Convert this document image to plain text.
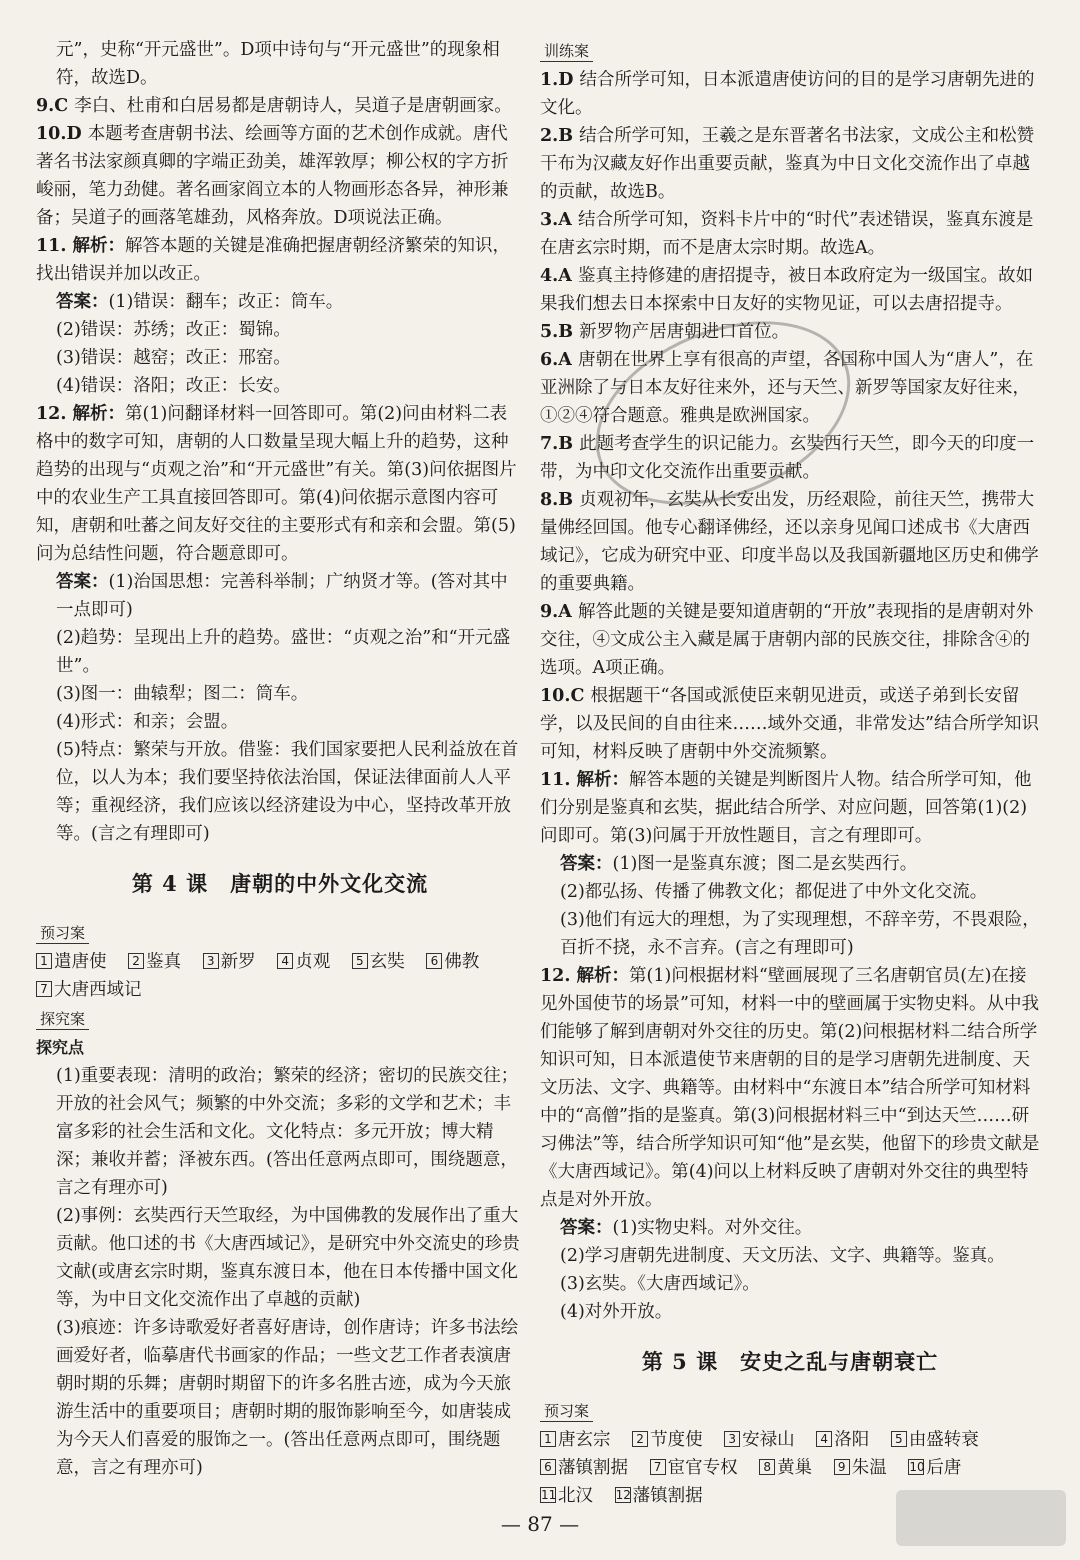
元”，史称“开元盛世”。D项中诗句与“开元盛世”的现象相符，故选D。

9.C 李白、杜甫和白居易都是唐朝诗人，吴道子是唐朝画家。

10.D 本题考查唐朝书法、绘画等方面的艺术创作成就。唐代著名书法家颜真卿的字端正劲美，雄浑敦厚；柳公权的字方折峻丽，笔力劲健。著名画家阎立本的人物画形态各异，神形兼备；吴道子的画落笔雄劲，风格奔放。D项说法正确。

11. 解析：解答本题的关键是准确把握唐朝经济繁荣的知识，找出错误并加以改正。

答案：(1)错误：翻车；改正：筒车。

(2)错误：苏绣；改正：蜀锦。

(3)错误：越窑；改正：邢窑。

(4)错误：洛阳；改正：长安。

12. 解析：第(1)问翻译材料一回答即可。第(2)问由材料二表格中的数字可知，唐朝的人口数量呈现大幅上升的趋势，这种趋势的出现与“贞观之治”和“开元盛世”有关。第(3)问依据图片中的农业生产工具直接回答即可。第(4)问依据示意图内容可知，唐朝和吐蕃之间友好交往的主要形式有和亲和会盟。第(5)问为总结性问题，符合题意即可。

答案：(1)治国思想：完善科举制；广纳贤才等。(答对其中一点即可)

(2)趋势：呈现出上升的趋势。盛世：“贞观之治”和“开元盛世”。

(3)图一：曲辕犁；图二：筒车。

(4)形式：和亲；会盟。

(5)特点：繁荣与开放。借鉴：我们国家要把人民利益放在首位，以人为本；我们要坚持依法治国，保证法律面前人人平等；重视经济，我们应该以经济建设为中心，坚持改革开放等。(言之有理即可)

第 4 课　唐朝的中外文化交流
预习案
1 遣唐使 2 鉴真 3 新罗 4 贞观 5 玄奘 6 佛教 7 大唐西域记
探究案
探究点

(1)重要表现：清明的政治；繁荣的经济；密切的民族交往；开放的社会风气；频繁的中外交流；多彩的文学和艺术；丰富多彩的社会生活和文化。文化特点：多元开放；博大精深；兼收并蓄；泽被东西。(答出任意两点即可，围绕题意，言之有理亦可)

(2)事例：玄奘西行天竺取经，为中国佛教的发展作出了重大贡献。他口述的书《大唐西域记》，是研究中外交流史的珍贵文献(或唐玄宗时期，鉴真东渡日本，他在日本传播中国文化等，为中日文化交流作出了卓越的贡献)

(3)痕迹：许多诗歌爱好者喜好唐诗，创作唐诗；许多书法绘画爱好者，临摹唐代书画家的作品；一些文艺工作者表演唐朝时期的乐舞；唐朝时期留下的许多名胜古迹，成为今天旅游生活中的重要项目；唐朝时期的服饰影响至今，如唐装成为今天人们喜爱的服饰之一。(答出任意两点即可，围绕题意，言之有理亦可)

训练案

1.D 结合所学可知，日本派遣唐使访问的目的是学习唐朝先进的文化。

2.B 结合所学可知，王羲之是东晋著名书法家，文成公主和松赞干布为汉藏友好作出重要贡献，鉴真为中日文化交流作出了卓越的贡献，故选B。

3.A 结合所学可知，资料卡片中的“时代”表述错误，鉴真东渡是在唐玄宗时期，而不是唐太宗时期。故选A。

4.A 鉴真主持修建的唐招提寺，被日本政府定为一级国宝。故如果我们想去日本探索中日友好的实物见证，可以去唐招提寺。

5.B 新罗物产居唐朝进口首位。

6.A 唐朝在世界上享有很高的声望，各国称中国人为“唐人”，在亚洲除了与日本友好往来外，还与天竺、新罗等国家友好往来，①②④符合题意。雅典是欧洲国家。

7.B 此题考查学生的识记能力。玄奘西行天竺，即今天的印度一带，为中印文化交流作出重要贡献。

8.B 贞观初年，玄奘从长安出发，历经艰险，前往天竺，携带大量佛经回国。他专心翻译佛经，还以亲身见闻口述成书《大唐西域记》，它成为研究中亚、印度半岛以及我国新疆地区历史和佛学的重要典籍。

9.A 解答此题的关键是要知道唐朝的“开放”表现指的是唐朝对外交往，④文成公主入藏是属于唐朝内部的民族交往，排除含④的选项。A项正确。

10.C 根据题干“各国或派使臣来朝见进贡，或送子弟到长安留学，以及民间的自由往来……域外交通，非常发达”结合所学知识可知，材料反映了唐朝中外交流频繁。

11. 解析：解答本题的关键是判断图片人物。结合所学可知，他们分别是鉴真和玄奘，据此结合所学、对应问题，回答第(1)(2)问即可。第(3)问属于开放性题目，言之有理即可。

答案：(1)图一是鉴真东渡；图二是玄奘西行。

(2)都弘扬、传播了佛教文化；都促进了中外文化交流。

(3)他们有远大的理想，为了实现理想，不辞辛劳，不畏艰险，百折不挠，永不言弃。(言之有理即可)

12. 解析：第(1)问根据材料“壁画展现了三名唐朝官员(左)在接见外国使节的场景”可知，材料一中的壁画属于实物史料。从中我们能够了解到唐朝对外交往的历史。第(2)问根据材料二结合所学知识可知，日本派遣使节来唐朝的目的是学习唐朝先进制度、天文历法、文字、典籍等。由材料中“东渡日本”结合所学可知材料中的“高僧”指的是鉴真。第(3)问根据材料三中“到达天竺……研习佛法”等，结合所学知识可知“他”是玄奘，他留下的珍贵文献是《大唐西域记》。第(4)问以上材料反映了唐朝对外交往的典型特点是对外开放。

答案：(1)实物史料。对外交往。

(2)学习唐朝先进制度、天文历法、文字、典籍等。鉴真。

(3)玄奘。《大唐西域记》。

(4)对外开放。

第 5 课　安史之乱与唐朝衰亡
预习案
1 唐玄宗 2 节度使 3 安禄山 4 洛阳 5 由盛转衰 6 藩镇割据 7 宦官专权 8 黄巢 9 朱温 10后唐 11北汉 12藩镇割据
— 87 —
